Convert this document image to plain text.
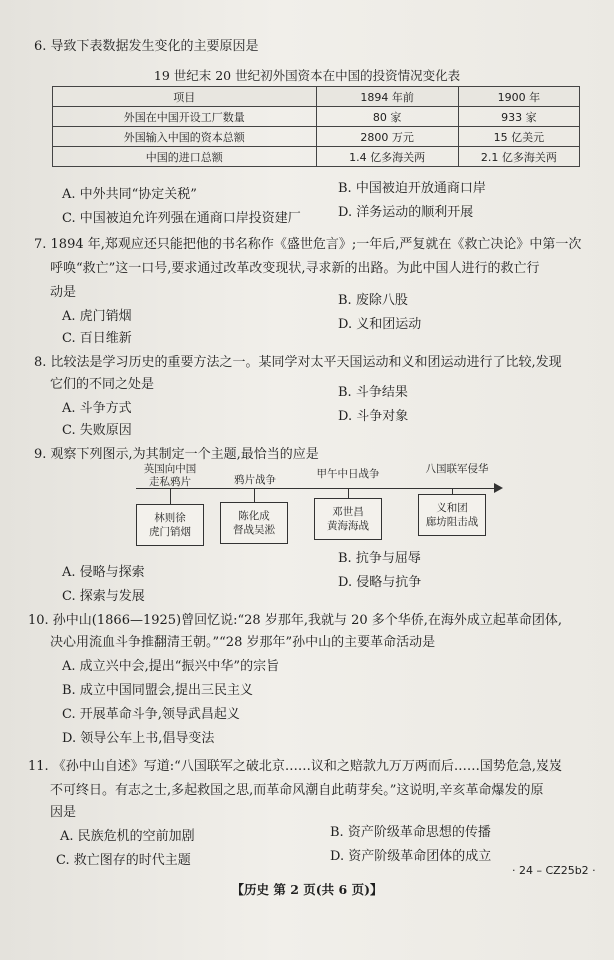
6. 导致下表数据发生变化的主要原因是
19 世纪末 20 世纪初外国资本在中国的投资情况变化表
项目	1894 年前	1900 年
外国在中国开设工厂数量	80 家	933 家
外国输入中国的资本总额	2800 万元	15 亿美元
中国的进口总额	1.4 亿多海关两	2.1 亿多海关两
A. 中外共同“协定关税”	B. 中国被迫开放通商口岸
C. 中国被迫允许列强在通商口岸投资建厂	D. 洋务运动的顺利开展
7. 1894 年,郑观应还只能把他的书名称作《盛世危言》;一年后,严复就在《救亡决论》中第一次
呼唤“救亡”这一口号,要求通过改革改变现状,寻求新的出路。为此中国人进行的救亡行
动是
A. 虎门销烟
B. 废除八股
C. 百日维新
D. 义和团运动
8. 比较法是学习历史的重要方法之一。某同学对太平天国运动和义和团运动进行了比较,发现
它们的不同之处是
A. 斗争方式
B. 斗争结果
C. 失败原因
D. 斗争对象
9. 观察下列图示,为其制定一个主题,最恰当的应是
英国向中国
走私鸦片	鸦片战争	甲午中日战争	八国联军侵华
林则徐
虎门销烟
陈化成
督战吴淞
邓世昌
黄海海战
义和团
廊坊阻击战
A. 侵略与探索
B. 抗争与屈辱
C. 探索与发展
D. 侵略与抗争
10. 孙中山(1866—1925)曾回忆说:“28 岁那年,我就与 20 多个华侨,在海外成立起革命团体,
决心用流血斗争推翻清王朝。”“28 岁那年”孙中山的主要革命活动是
A. 成立兴中会,提出“振兴中华”的宗旨
B. 成立中国同盟会,提出三民主义
C. 开展革命斗争,领导武昌起义
D. 领导公车上书,倡导变法
11. 《孙中山自述》写道:“八国联军之破北京……议和之赔款九万万两而后……国势危急,岌岌
不可终日。有志之士,多起救国之思,而革命风潮自此萌芽矣。”这说明,辛亥革命爆发的原
因是
A. 民族危机的空前加剧	B. 资产阶级革命思想的传播
C. 救亡图存的时代主题	D. 资产阶级革命团体的成立
· 24 – CZ25b2 ·
【历史 第 2 页(共 6 页)】
